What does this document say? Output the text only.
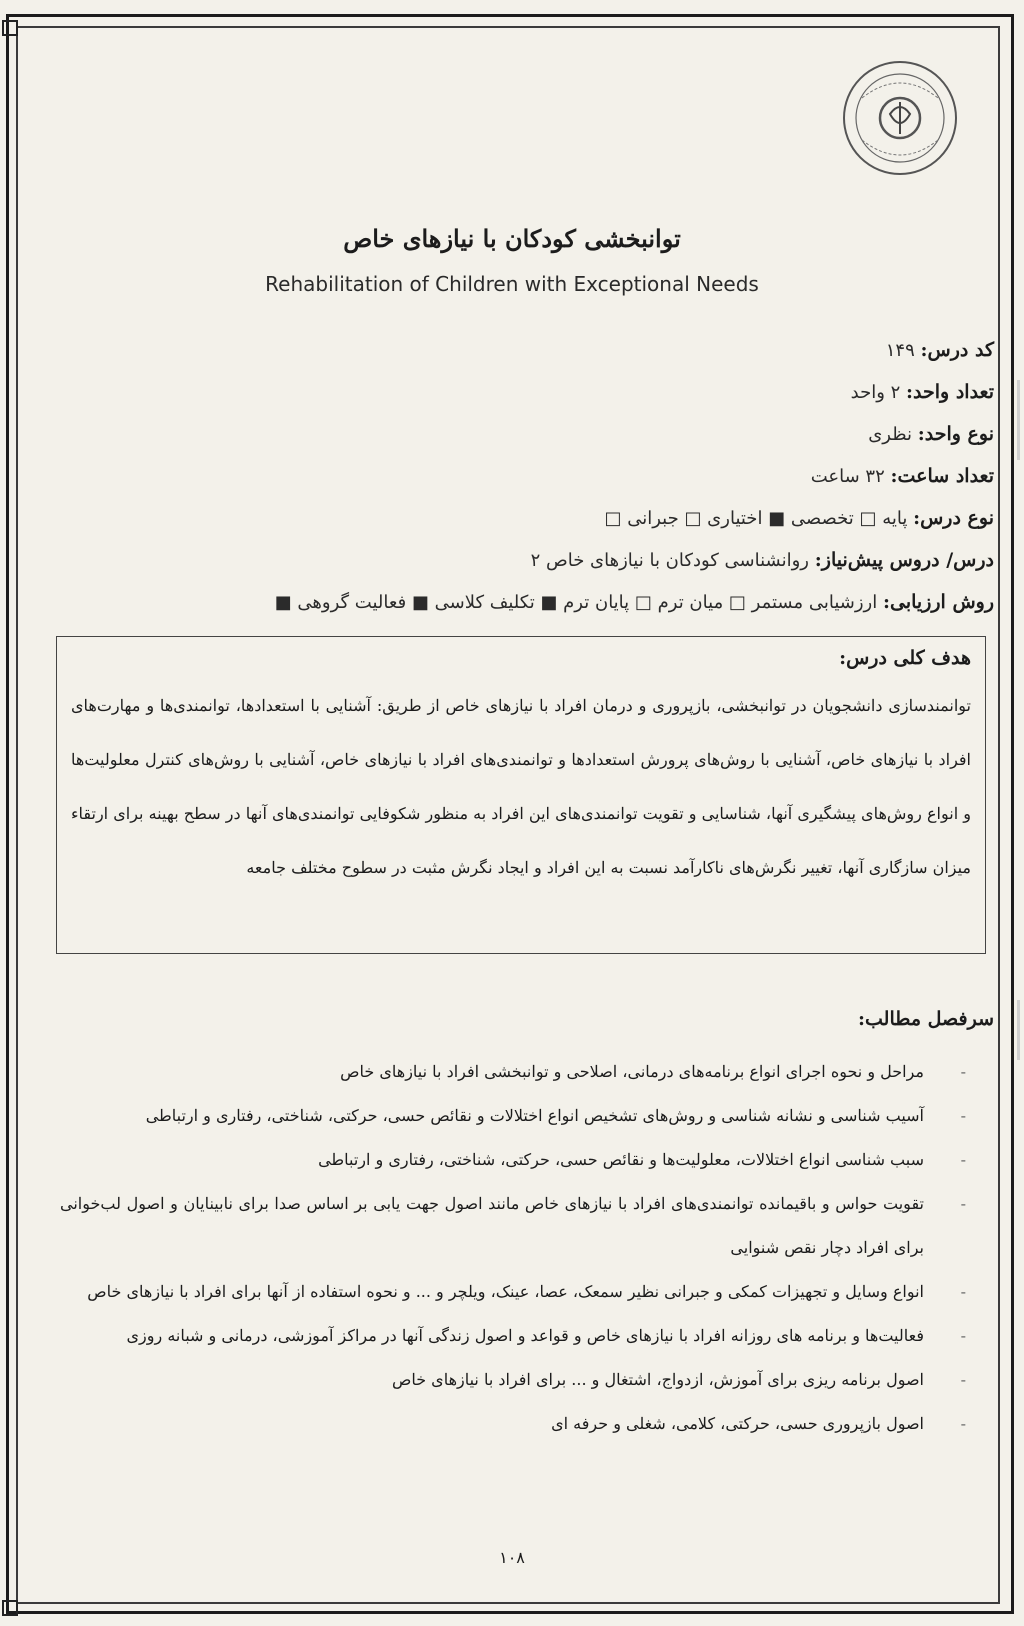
توانبخشی کودکان با نیازهای خاص
Rehabilitation of Children with Exceptional Needs
کد درس: ۱۴۹
تعداد واحد: ۲ واحد
نوع واحد: نظری
تعداد ساعت: ۳۲ ساعت
نوع درس: پایه □ تخصصی ■ اختیاری □ جبرانی □
درس/ دروس پیش‌نیاز: روانشناسی کودکان با نیازهای خاص ۲
روش ارزیابی: ارزشیابی مستمر □ میان ترم □ پایان ترم ■ تکلیف کلاسی ■ فعالیت گروهی ■
هدف کلی درس:
توانمندسازی دانشجویان در توانبخشی، بازپروری و درمان افراد با نیازهای خاص از طریق: آشنایی با استعدادها، توانمندی‌ها و مهارت‌های افراد با نیازهای خاص، آشنایی با روش‌های پرورش استعدادها و توانمندی‌های افراد با نیازهای خاص، آشنایی با روش‌های کنترل معلولیت‌ها و انواع روش‌های پیشگیری آنها، شناسایی و تقویت توانمندی‌های این افراد به منظور شکوفایی توانمندی‌های آنها در سطح بهینه برای ارتقاء میزان سازگاری آنها، تغییر نگرش‌های ناکارآمد نسبت به این افراد و ایجاد نگرش مثبت در سطوح مختلف جامعه
سرفصل مطالب:
-
مراحل و نحوه اجرای انواع برنامه‌های درمانی، اصلاحی و توانبخشی افراد با نیازهای خاص
-
آسیب شناسی و نشانه شناسی و روش‌های تشخیص انواع اختلالات و نقائص حسی، حرکتی، شناختی، رفتاری و ارتباطی
-
سبب شناسی انواع اختلالات، معلولیت‌ها و نقائص حسی، حرکتی، شناختی، رفتاری و ارتباطی
-
تقویت حواس و باقیمانده توانمندی‌های افراد با نیازهای خاص مانند اصول جهت یابی بر اساس صدا برای نابینایان و اصول لب‌خوانی برای افراد دچار نقص شنوایی
-
انواع وسایل و تجهیزات کمکی و جبرانی نظیر سمعک، عصا، عینک، ویلچر و ... و نحوه استفاده از آنها برای افراد با نیازهای خاص
-
فعالیت‌ها و برنامه های روزانه افراد با نیازهای خاص و قواعد و اصول زندگی آنها در مراکز آموزشی، درمانی و شبانه روزی
-
اصول برنامه ریزی برای آموزش، ازدواج، اشتغال و ... برای افراد با نیازهای خاص
-
اصول بازپروری حسی، حرکتی، کلامی، شغلی و حرفه ای
۱۰۸
